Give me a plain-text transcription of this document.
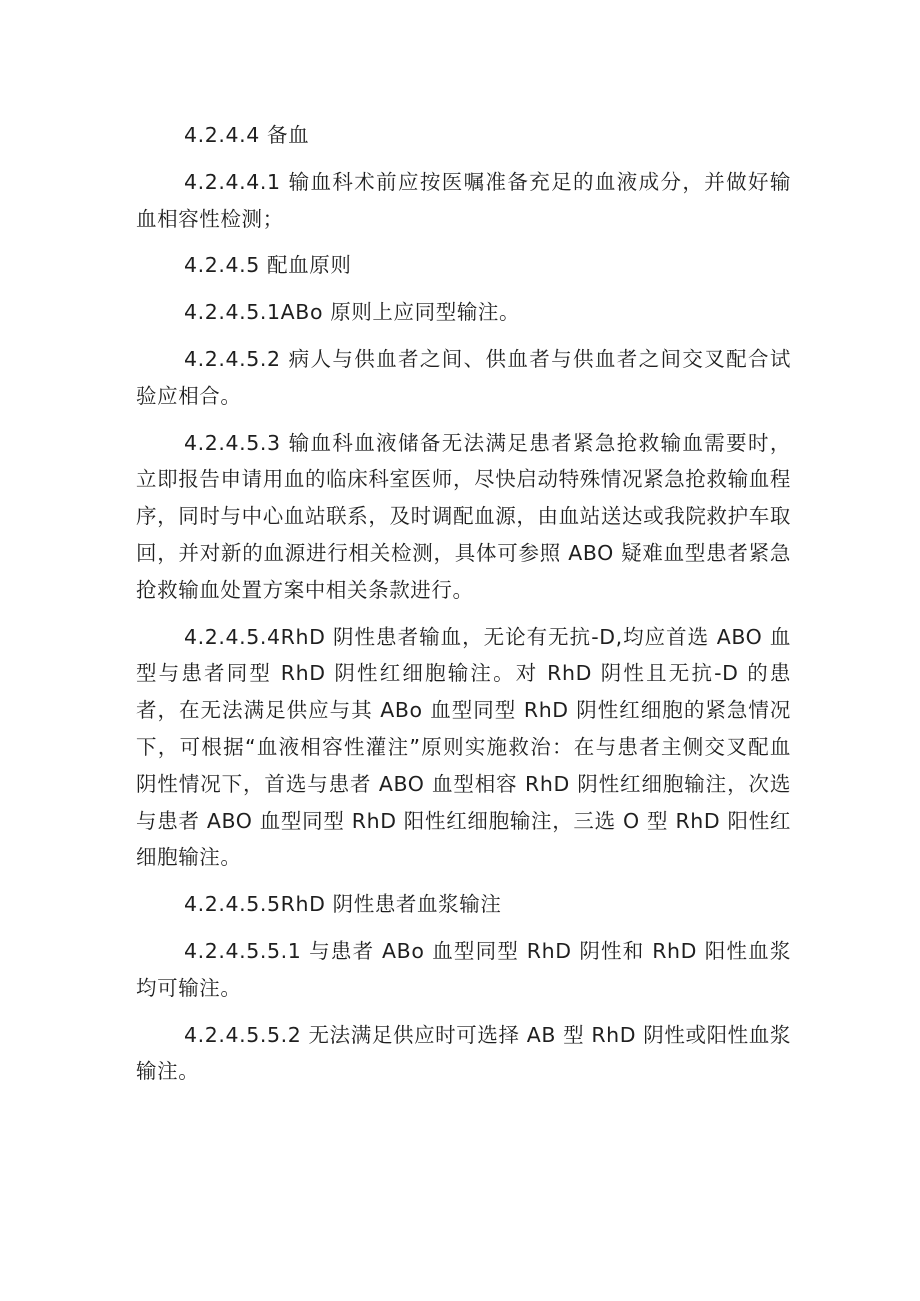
4.2.4.4 备血

4.2.4.4.1 输血科术前应按医嘱准备充足的血液成分，并做好输血相容性检测；

4.2.4.5 配血原则

4.2.4.5.1ABo 原则上应同型输注。

4.2.4.5.2 病人与供血者之间、供血者与供血者之间交叉配合试验应相合。

4.2.4.5.3 输血科血液储备无法满足患者紧急抢救输血需要时，立即报告申请用血的临床科室医师，尽快启动特殊情况紧急抢救输血程序，同时与中心血站联系，及时调配血源，由血站送达或我院救护车取回，并对新的血源进行相关检测，具体可参照 ABO 疑难血型患者紧急抢救输血处置方案中相关条款进行。

4.2.4.5.4RhD 阴性患者输血，无论有无抗-D,均应首选 ABO 血型与患者同型 RhD 阴性红细胞输注。对 RhD 阴性且无抗-D 的患者，在无法满足供应与其 ABo 血型同型 RhD 阴性红细胞的紧急情况下，可根据“血液相容性灌注”原则实施救治：在与患者主侧交叉配血阴性情况下，首选与患者 ABO 血型相容 RhD 阴性红细胞输注，次选与患者 ABO 血型同型 RhD 阳性红细胞输注，三选 O 型 RhD 阳性红细胞输注。

4.2.4.5.5RhD 阴性患者血浆输注

4.2.4.5.5.1 与患者 ABo 血型同型 RhD 阴性和 RhD 阳性血浆均可输注。

4.2.4.5.5.2 无法满足供应时可选择 AB 型 RhD 阴性或阳性血浆输注。
